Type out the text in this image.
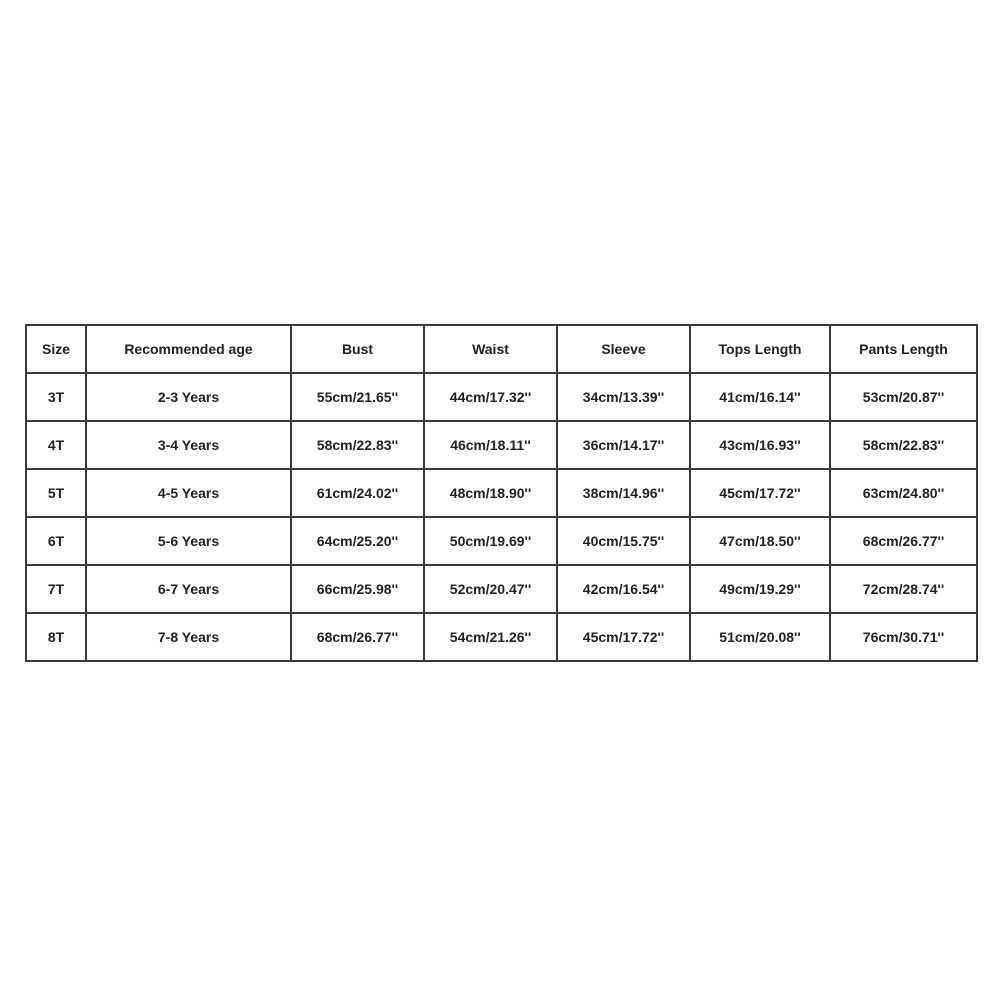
Size	Recommended age	Bust	Waist	Sleeve	Tops Length	Pants Length
3T	2-3 Years	55cm/21.65''	44cm/17.32''	34cm/13.39''	41cm/16.14''	53cm/20.87''
4T	3-4 Years	58cm/22.83''	46cm/18.11''	36cm/14.17''	43cm/16.93''	58cm/22.83''
5T	4-5 Years	61cm/24.02''	48cm/18.90''	38cm/14.96''	45cm/17.72''	63cm/24.80''
6T	5-6 Years	64cm/25.20''	50cm/19.69''	40cm/15.75''	47cm/18.50''	68cm/26.77''
7T	6-7 Years	66cm/25.98''	52cm/20.47''	42cm/16.54''	49cm/19.29''	72cm/28.74''
8T	7-8 Years	68cm/26.77''	54cm/21.26''	45cm/17.72''	51cm/20.08''	76cm/30.71''
